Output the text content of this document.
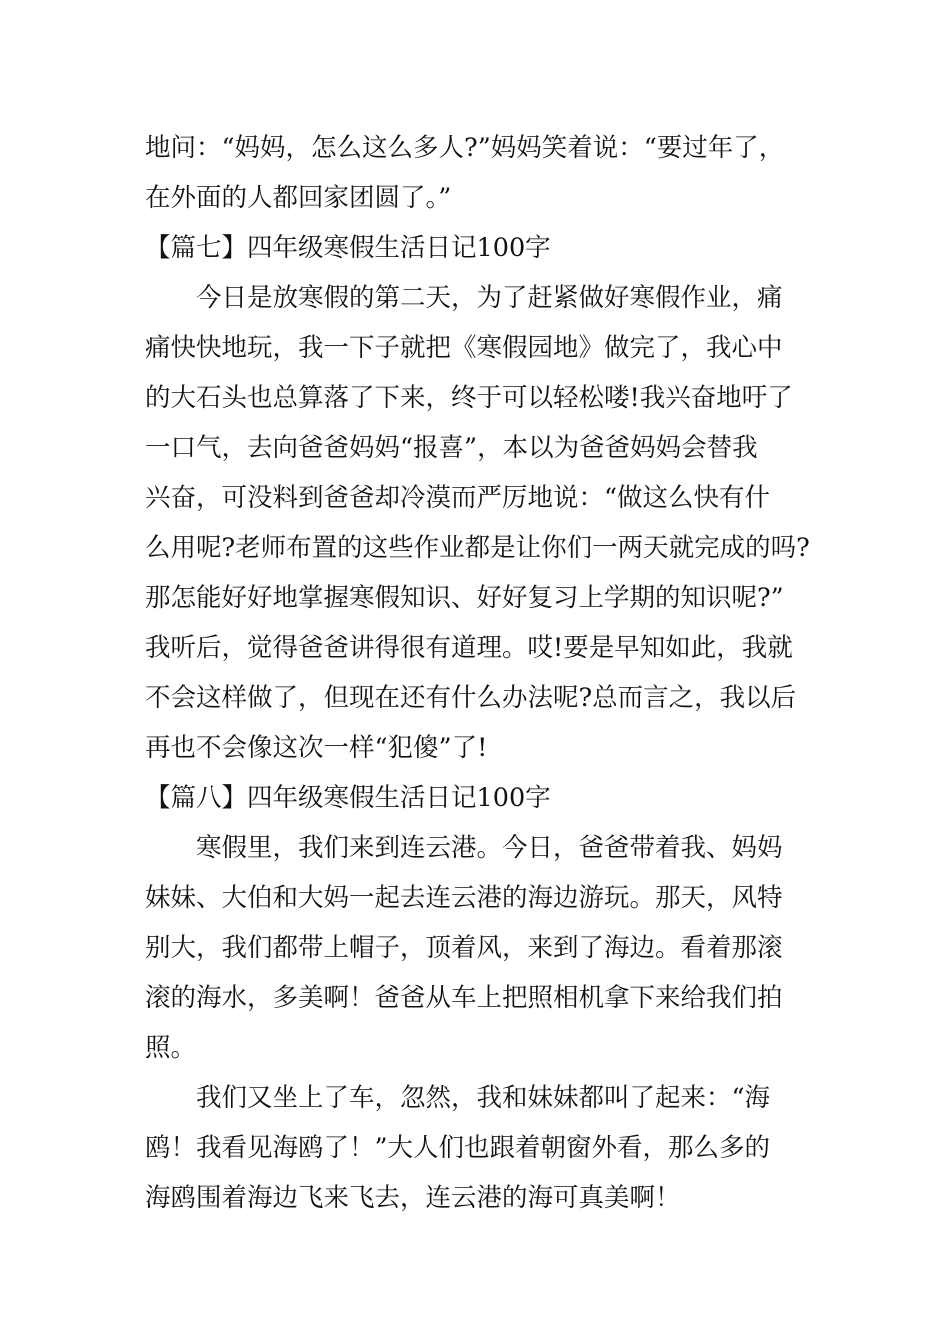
地问：“妈妈，怎么这么多人?”妈妈笑着说：“要过年了，
在外面的人都回家团圆了。”
【篇七】四年级寒假生活日记100字
　　今日是放寒假的第二天，为了赶紧做好寒假作业，痛
痛快快地玩，我一下子就把《寒假园地》做完了，我心中
的大石头也总算落了下来，终于可以轻松喽!我兴奋地吁了
一口气，去向爸爸妈妈“报喜”，本以为爸爸妈妈会替我
兴奋，可没料到爸爸却冷漠而严厉地说：“做这么快有什
么用呢?老师布置的这些作业都是让你们一两天就完成的吗?
那怎能好好地掌握寒假知识、好好复习上学期的知识呢?”
我听后，觉得爸爸讲得很有道理。哎!要是早知如此，我就
不会这样做了，但现在还有什么办法呢?总而言之，我以后
再也不会像这次一样“犯傻”了!
【篇八】四年级寒假生活日记100字
　　寒假里，我们来到连云港。今日，爸爸带着我、妈妈
妹妹、大伯和大妈一起去连云港的海边游玩。那天，风特
别大，我们都带上帽子，顶着风，来到了海边。看着那滚
滚的海水，多美啊！爸爸从车上把照相机拿下来给我们拍
照。
　　我们又坐上了车，忽然，我和妹妹都叫了起来：“海
鸥！我看见海鸥了！”大人们也跟着朝窗外看，那么多的
海鸥围着海边飞来飞去，连云港的海可真美啊！
